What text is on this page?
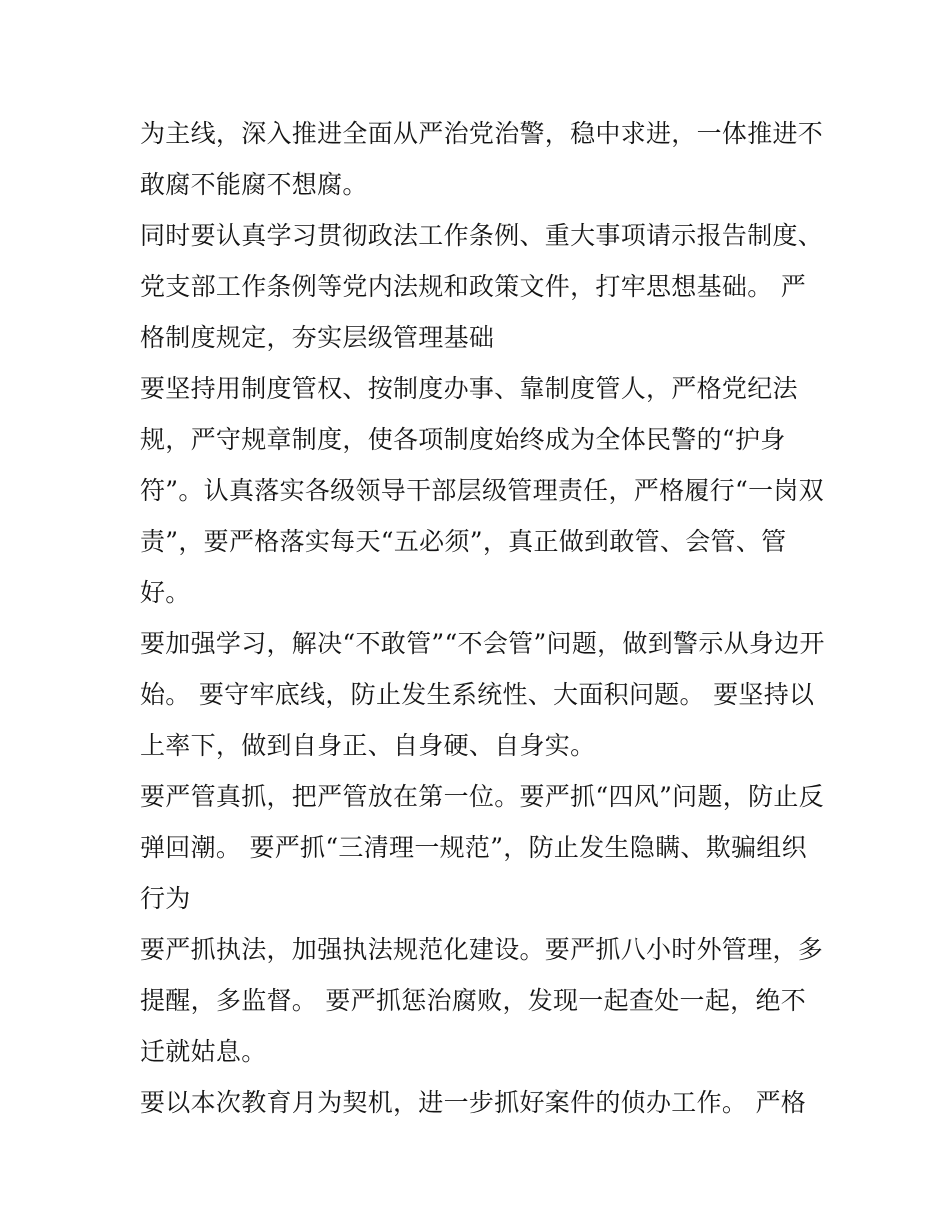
为主线，深入推进全面从严治党治警，稳中求进，一体推进不
敢腐不能腐不想腐。
同时要认真学习贯彻政法工作条例、重大事项请示报告制度、
党支部工作条例等党内法规和政策文件，打牢思想基础。 严
格制度规定，夯实层级管理基础
要坚持用制度管权、按制度办事、靠制度管人，严格党纪法
规，严守规章制度，使各项制度始终成为全体民警的“护身
符”。认真落实各级领导干部层级管理责任，严格履行“一岗双
责”，要严格落实每天“五必须”，真正做到敢管、会管、管
好。
要加强学习，解决“不敢管”“不会管”问题，做到警示从身边开
始。 要守牢底线，防止发生系统性、大面积问题。 要坚持以
上率下，做到自身正、自身硬、自身实。
要严管真抓，把严管放在第一位。要严抓“四风”问题，防止反
弹回潮。 要严抓“三清理一规范”，防止发生隐瞒、欺骗组织
行为
要严抓执法，加强执法规范化建设。要严抓八小时外管理，多
提醒，多监督。 要严抓惩治腐败，发现一起查处一起，绝不
迁就姑息。
要以本次教育月为契机，进一步抓好案件的侦办工作。 严格
